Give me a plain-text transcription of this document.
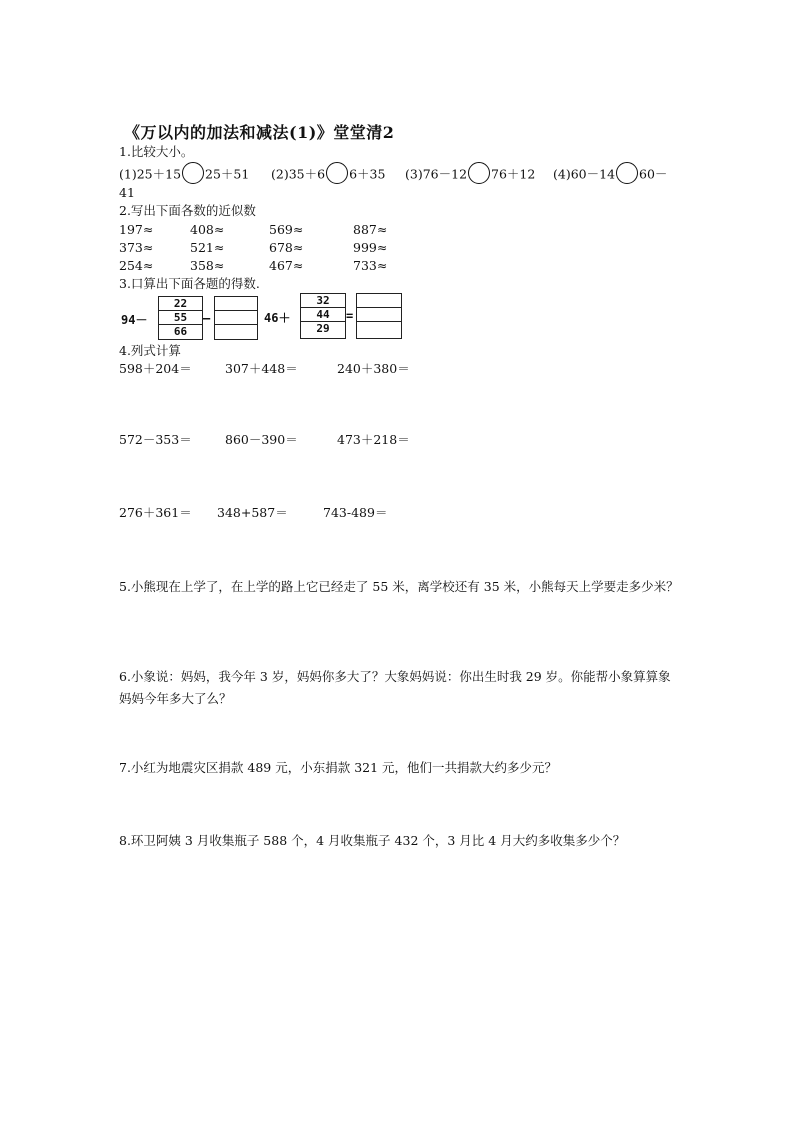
《万以内的加法和减法(1)》堂堂清2
1.比较大小。
(1)25＋15 25＋51 (2)35＋6 6＋35 (3)76－12 76＋12 (4)60－14 60－
41
2.写出下面各数的近似数
197≈	408≈	569≈	887≈
373≈	521≈	678≈	999≈
254≈	358≈	467≈	733≈
3.口算出下面各题的得数.
94－
22
55
66
–	46＋
32
44
29
=
4.列式计算
598＋204＝	307＋448＝	240＋380＝
572－353＝	860－390＝	473＋218＝
276＋361＝ 348+587＝	743-489＝
5.小熊现在上学了，在上学的路上它已经走了 55 米，离学校还有 35 米，小熊每天上学要走多少米？
6.小象说：妈妈，我今年 3 岁，妈妈你多大了？大象妈妈说：你出生时我 29 岁。你能帮小象算算象妈妈今年多大了么？
7.小红为地震灾区捐款 489 元，小东捐款 321 元，他们一共捐款大约多少元？
8.环卫阿姨 3 月收集瓶子 588 个，4 月收集瓶子 432 个，3 月比 4 月大约多收集多少个？
